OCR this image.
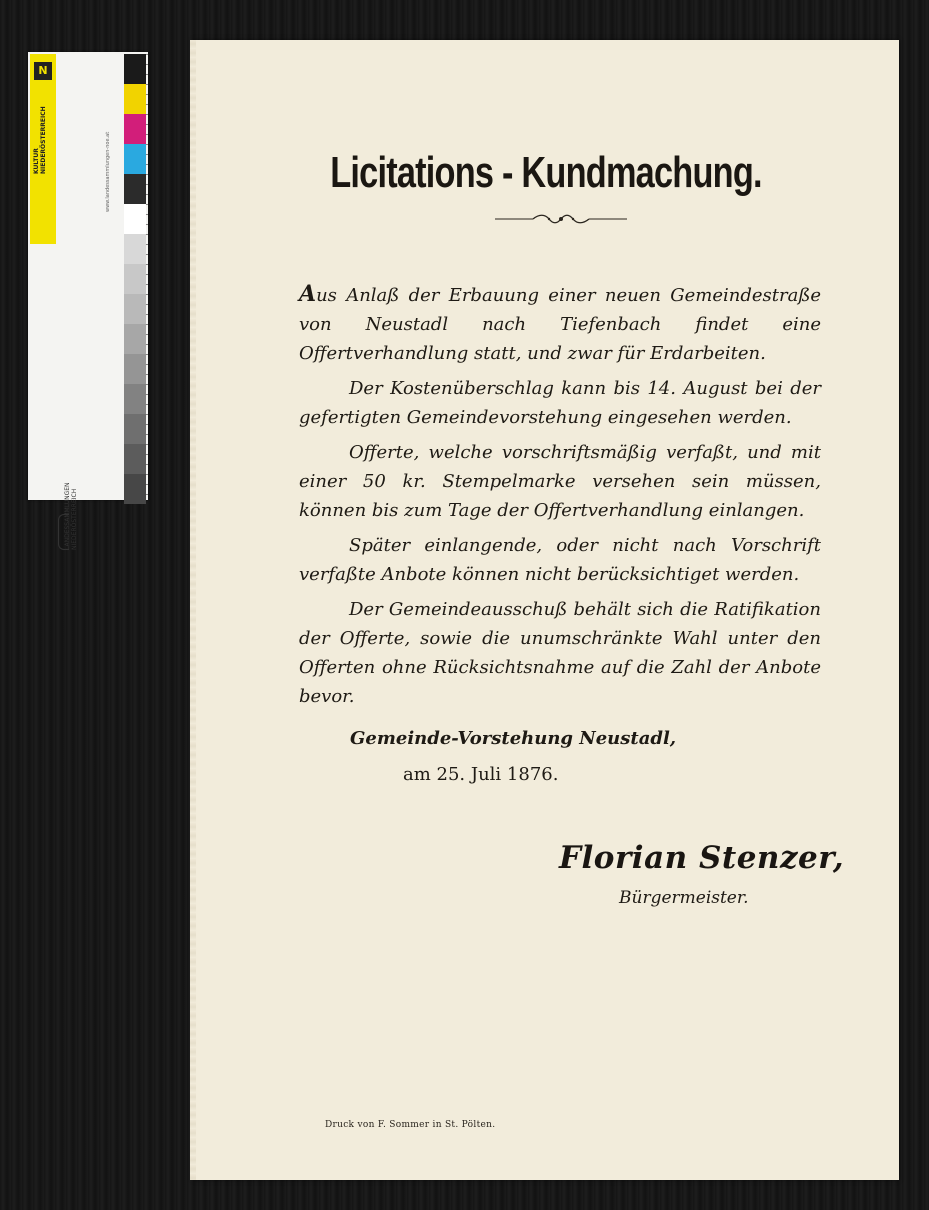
N
KULTUR
NIEDERÖSTERREICH	www.landessammlungen-noe.at
LANDESSAMMLUNGEN
NIEDERÖSTERREICH
Licitations - Kundmachung.

Aus Anlaß der Erbauung einer neuen Gemeindestraße von Neustadl nach Tiefenbach findet eine Offertverhandlung statt, und zwar für Erdarbeiten.

Der Kostenüberschlag kann bis 14. August bei der gefertigten Gemeindevorstehung eingesehen werden.

Offerte, welche vorschriftsmäßig verfaßt, und mit einer 50 kr. Stempelmarke versehen sein müssen, können bis zum Tage der Offertverhandlung einlangen.

Später einlangende, oder nicht nach Vorschrift verfaßte Anbote können nicht berücksichtiget werden.

Der Gemeindeausschuß behält sich die Ratifikation der Offerte, sowie die unumschränkte Wahl unter den Offerten ohne Rücksichtsnahme auf die Zahl der Anbote bevor.

Gemeinde-Vorstehung Neustadl,
am 25. Juli 1876.
Florian Stenzer,
Bürgermeister.
Druck von F. Sommer in St. Pölten.
